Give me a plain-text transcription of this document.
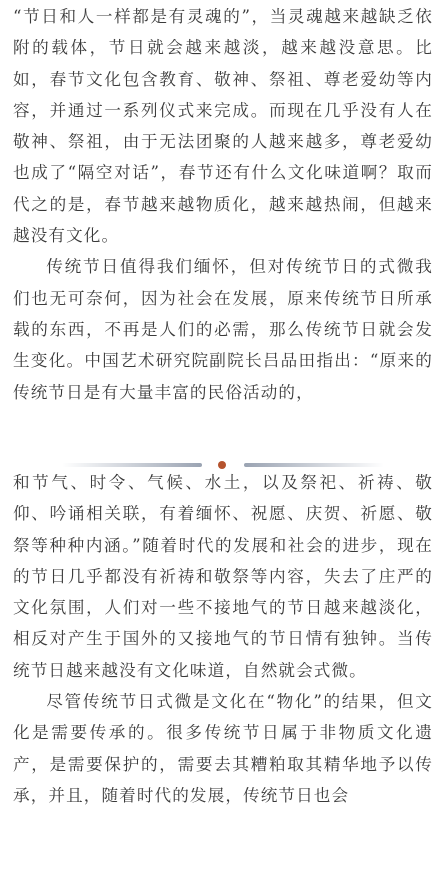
“节日和人一样都是有灵魂的”，当灵魂越来越缺乏依附的载体，节日就会越来越淡，越来越没意思。比如，春节文化包含教育、敬神、祭祖、尊老爱幼等内容，并通过一系列仪式来完成。而现在几乎没有人在敬神、祭祖，由于无法团聚的人越来越多，尊老爱幼也成了“隔空对话”，春节还有什么文化味道啊？取而代之的是，春节越来越物质化，越来越热闹，但越来越没有文化。

传统节日值得我们缅怀，但对传统节日的式微我们也无可奈何，因为社会在发展，原来传统节日所承载的东西，不再是人们的必需，那么传统节日就会发生变化。中国艺术研究院副院长吕品田指出：“原来的传统节日是有大量丰富的民俗活动的，

和节气、时令、气候、水土，以及祭祀、祈祷、敬仰、吟诵相关联，有着缅怀、祝愿、庆贺、祈愿、敬祭等种种内涵。”随着时代的发展和社会的进步，现在的节日几乎都没有祈祷和敬祭等内容，失去了庄严的文化氛围，人们对一些不接地气的节日越来越淡化，相反对产生于国外的又接地气的节日情有独钟。当传统节日越来越没有文化味道，自然就会式微。

尽管传统节日式微是文化在“物化”的结果，但文化是需要传承的。很多传统节日属于非物质文化遗产，是需要保护的，需要去其糟粕取其精华地予以传承，并且，随着时代的发展，传统节日也会
